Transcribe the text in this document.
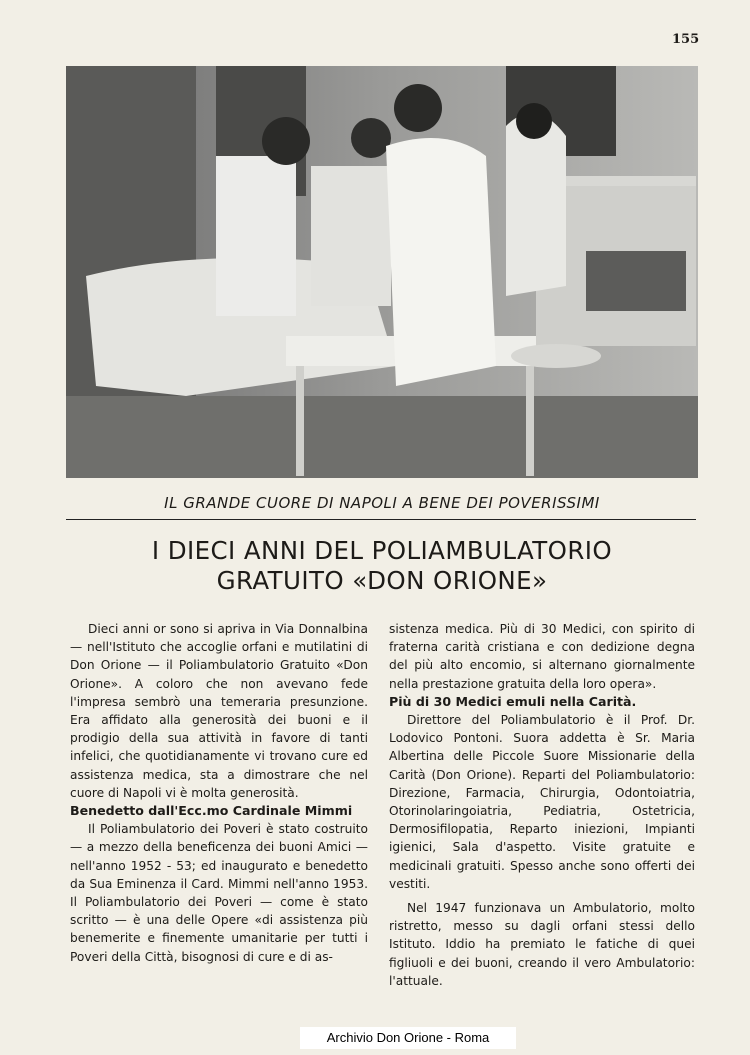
155
IL GRANDE CUORE DI NAPOLI A BENE DEI POVERISSIMI
I DIECI ANNI DEL POLIAMBULATORIO
GRATUITO «DON ORIONE»

Dieci anni or sono si apriva in Via Donnalbina — nell'Istituto che accoglie orfani e mutilatini di Don Orione — il Poliambulatorio Gratuito «Don Orione». A coloro che non avevano fede l'impresa sembrò una temeraria presunzione. Era affidato alla generosità dei buoni e il prodigio della sua attività in favore di tanti infelici, che quotidianamente vi trovano cure ed assistenza medica, sta a dimostrare che nel cuore di Napoli vi è molta generosità.

Benedetto dall'Ecc.mo Cardinale Mimmi

Il Poliambulatorio dei Poveri è stato costruito — a mezzo della beneficenza dei buoni Amici — nell'anno 1952 - 53; ed inaugurato e benedetto da Sua Eminenza il Card. Mimmi nell'anno 1953. Il Poliambulatorio dei Poveri — come è stato scritto — è una delle Opere «di assistenza più benemerite e finemente umanitarie per tutti i Poveri della Città, bisognosi di cure e di as-

sistenza medica. Più di 30 Medici, con spirito di fraterna carità cristiana e con dedizione degna del più alto encomio, si alternano giornalmente nella prestazione gratuita della loro opera».

Più di 30 Medici emuli nella Carità.

Direttore del Poliambulatorio è il Prof. Dr. Lodovico Pontoni. Suora addetta è Sr. Maria Albertina delle Piccole Suore Missionarie della Carità (Don Orione). Reparti del Poliambulatorio: Direzione, Farmacia, Chirurgia, Odontoiatria, Otorinolaringoiatria, Pediatria, Ostetricia, Dermosifilopatia, Reparto iniezioni, Impianti igienici, Sala d'aspetto. Visite gratuite e medicinali gratuiti. Spesso anche sono offerti dei vestiti.

Nel 1947 funzionava un Ambulatorio, molto ristretto, messo su dagli orfani stessi dello Istituto. Iddio ha premiato le fatiche di quei figliuoli e dei buoni, creando il vero Ambulatorio: l'attuale.

Archivio Don Orione - Roma
